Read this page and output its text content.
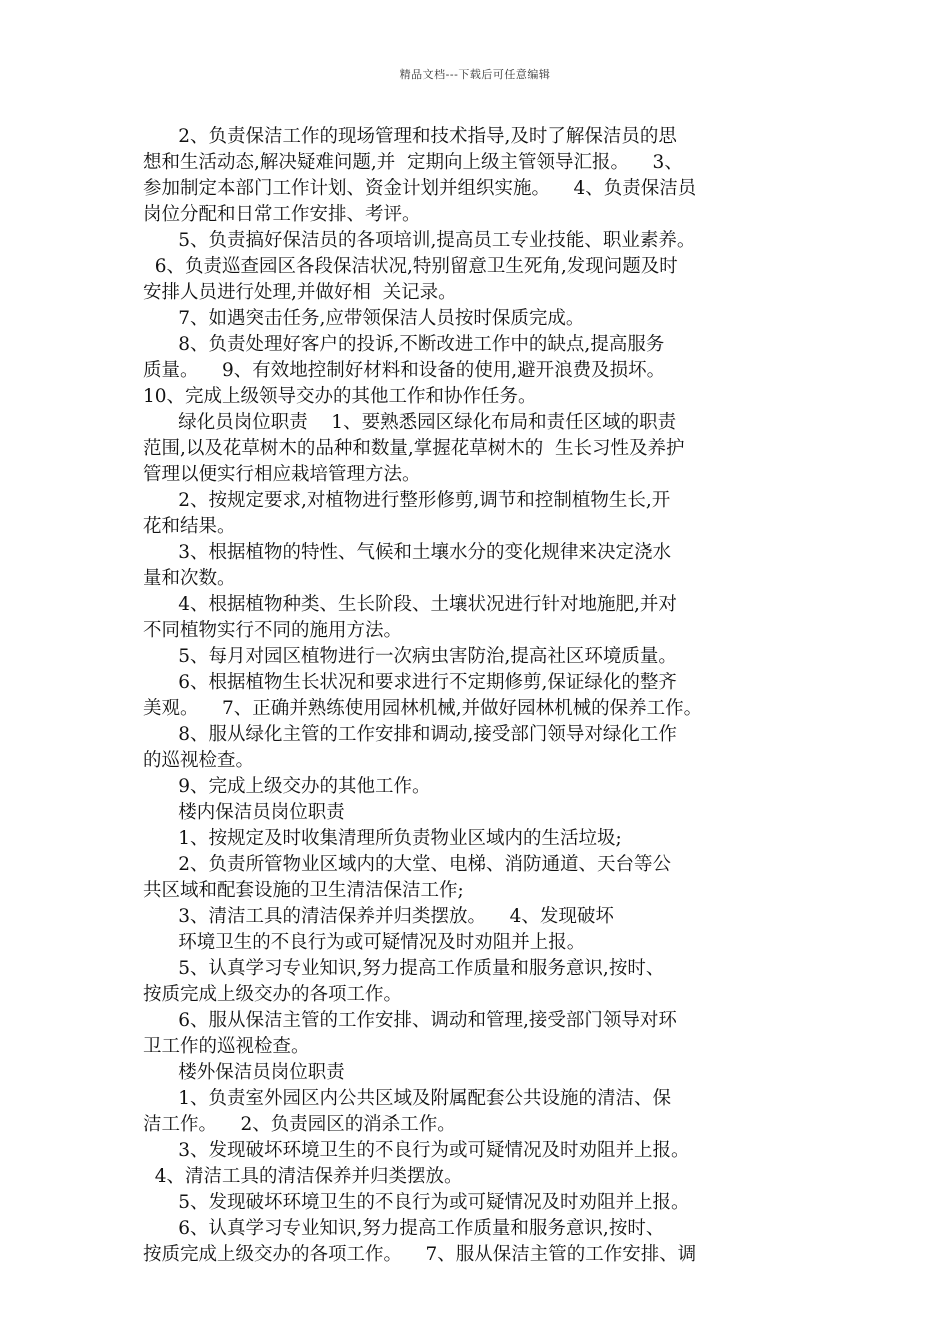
精品文档---下载后可任意编辑
2、负责保洁工作的现场管理和技术指导,及时了解保洁员的思
想和生活动态,解决疑难问题,并  定期向上级主管领导汇报。    3、
参加制定本部门工作计划、资金计划并组织实施。    4、负责保洁员
岗位分配和日常工作安排、考评。
5、负责搞好保洁员的各项培训,提高员工专业技能、职业素养。
6、负责巡查园区各段保洁状况,特别留意卫生死角,发现问题及时
安排人员进行处理,并做好相  关记录。
7、如遇突击任务,应带领保洁人员按时保质完成。
8、负责处理好客户的投诉,不断改进工作中的缺点,提高服务
质量。    9、有效地控制好材料和设备的使用,避开浪费及损坏。
10、完成上级领导交办的其他工作和协作任务。
绿化员岗位职责    1、要熟悉园区绿化布局和责任区域的职责
范围,以及花草树木的品种和数量,掌握花草树木的  生长习性及养护
管理以便实行相应栽培管理方法。
2、按规定要求,对植物进行整形修剪,调节和控制植物生长,开
花和结果。
3、根据植物的特性、气候和土壤水分的变化规律来决定浇水
量和次数。
4、根据植物种类、生长阶段、土壤状况进行针对地施肥,并对
不同植物实行不同的施用方法。
5、每月对园区植物进行一次病虫害防治,提高社区环境质量。
6、根据植物生长状况和要求进行不定期修剪,保证绿化的整齐
美观。    7、正确并熟练使用园林机械,并做好园林机械的保养工作。
8、服从绿化主管的工作安排和调动,接受部门领导对绿化工作
的巡视检查。
9、完成上级交办的其他工作。
楼内保洁员岗位职责
1、按规定及时收集清理所负责物业区域内的生活垃圾;
2、负责所管物业区域内的大堂、电梯、消防通道、天台等公
共区域和配套设施的卫生清洁保洁工作;
3、清洁工具的清洁保养并归类摆放。    4、发现破坏
环境卫生的不良行为或可疑情况及时劝阻并上报。
5、认真学习专业知识,努力提高工作质量和服务意识,按时、
按质完成上级交办的各项工作。
6、服从保洁主管的工作安排、调动和管理,接受部门领导对环
卫工作的巡视检查。
楼外保洁员岗位职责
1、负责室外园区内公共区域及附属配套公共设施的清洁、保
洁工作。    2、负责园区的消杀工作。
3、发现破坏环境卫生的不良行为或可疑情况及时劝阻并上报。
4、清洁工具的清洁保养并归类摆放。
5、发现破坏环境卫生的不良行为或可疑情况及时劝阻并上报。
6、认真学习专业知识,努力提高工作质量和服务意识,按时、
按质完成上级交办的各项工作。    7、服从保洁主管的工作安排、调
